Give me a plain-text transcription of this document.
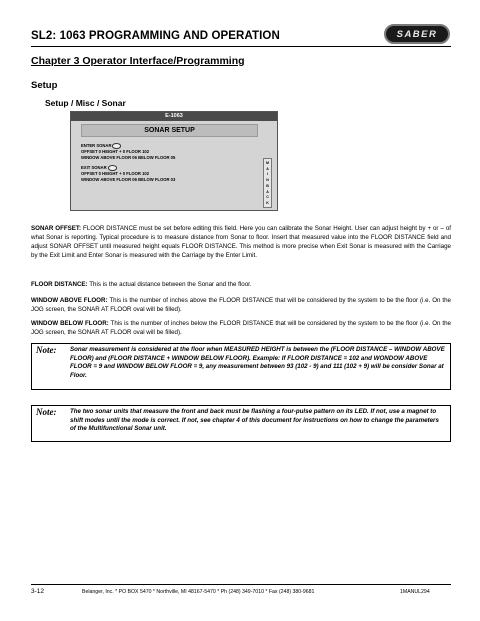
SL2: 1063 PROGRAMMING AND OPERATION	SABER
Chapter 3 Operator Interface/Programming
Setup
Setup / Misc / Sonar
E-1063
SONAR SETUP
ENTER SONAR
OFFSET 0 HEIGHT + 0 FLOOR 102
WINDOW ABOVE FLOOR 06 BELOW FLOOR 05
EXIT SONAR
OFFSET 0 HEIGHT + 0 FLOOR 102
WINDOW ABOVE FLOOR 06 BELOW FLOOR 03
M
A
I
N
B
A
C
K
SONAR OFFSET: FLOOR DISTANCE must be set before editing this field. Here you can calibrate the Sonar Height. User can adjust height by + or – of what Sonar is reporting. Typical procedure is to measure distance from Sonar to floor. Insert that measured value into the FLOOR DISTANCE field and adjust SONAR OFFSET until measured height equals FLOOR DISTANCE. This method is more precise when Exit Sonar is measured with the Carriage by the Exit Limit and Enter Sonar is measured with the Carriage by the Enter Limit.
FLOOR DISTANCE: This is the actual distance between the Sonar and the floor.
WINDOW ABOVE FLOOR: This is the number of inches above the FLOOR DISTANCE that will be considered by the system to be the floor (i.e. On the JOG screen, the SONAR AT FLOOR oval will be filled).
WINDOW BELOW FLOOR: This is the number of inches below the FLOOR DISTANCE that will be considered by the system to be the floor (i.e. On the JOG screen, the SONAR AT FLOOR oval will be filled).
Note:	Sonar measurement is considered at the floor when MEASURED HEIGHT is between the (FLOOR DISTANCE – WINDOW ABOVE FLOOR) and (FLOOR DISTANCE + WINDOW BELOW FLOOR). Example: If FLOOR DISTANCE = 102 and WONDOW ABOVE FLOOR = 9 and WINDOW BELOW FLOOR = 9, any measurement between 93 (102 - 9) and 111 (102 + 9) will be consider Sonar at Floor.
Note:	The two sonar units that measure the front and back must be flashing a four-pulse pattern on its LED. If not, use a magnet to shift modes until the mode is correct. If not, see chapter 4 of this document for instructions on how to change the parameters of the Multifunctional Sonar unit.
3-12	Belanger, Inc. * PO BOX 5470 * Northville, MI 48167-5470 * Ph (248) 349-7010 * Fax (248) 380-9681	1MANUL294
